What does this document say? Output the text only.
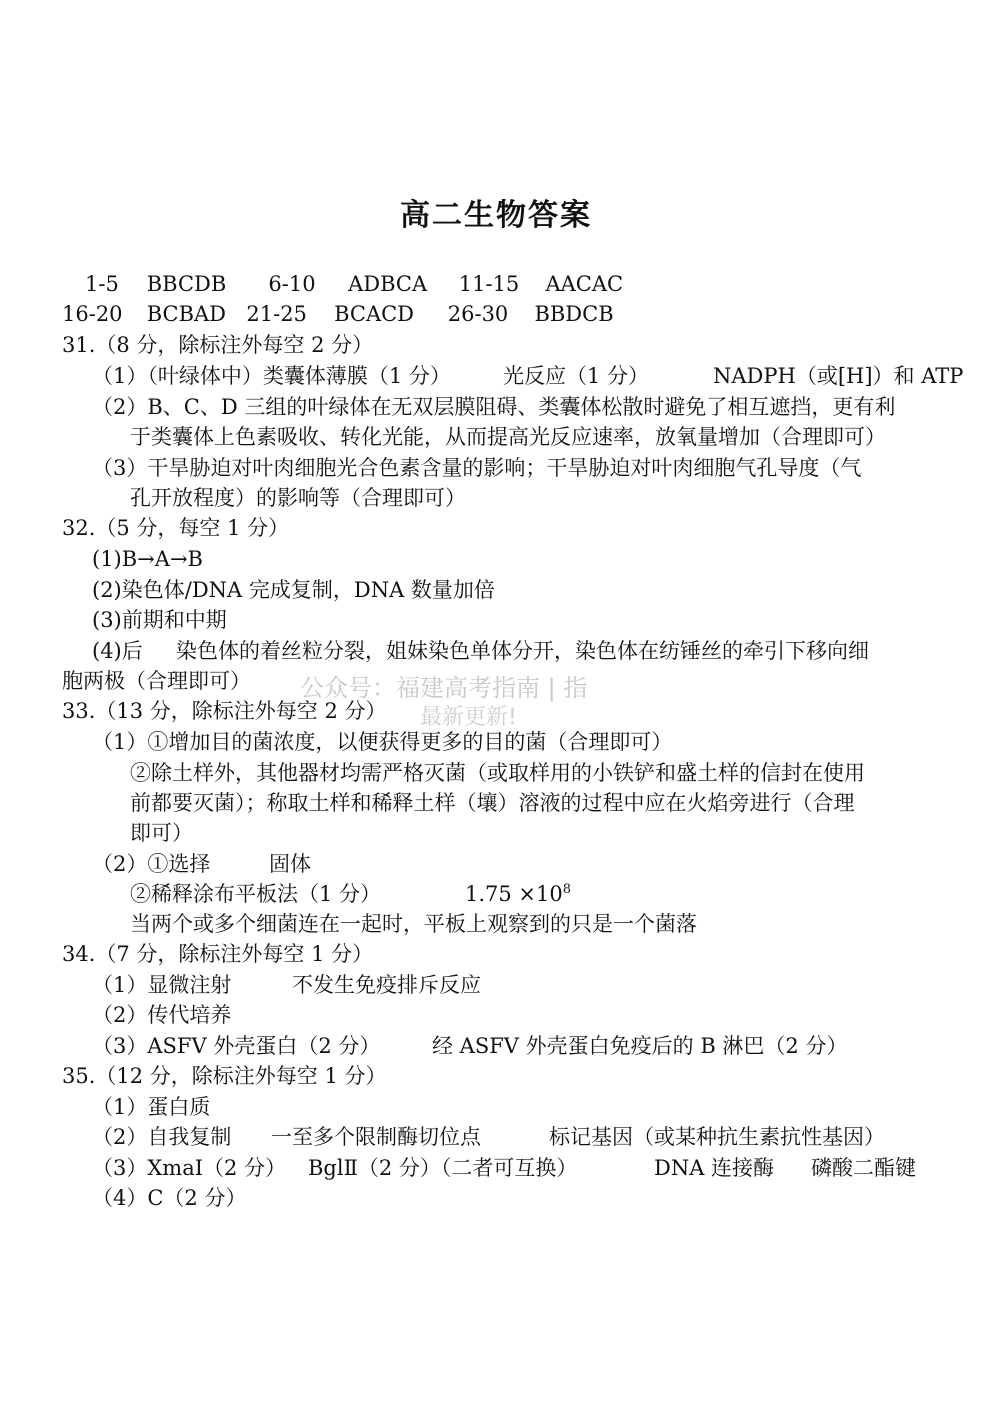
高二生物答案
1-5 BBCDB 6-10 ADBCA 11-15 AACAC
16-20 BCBAD 21-25 BCACD 26-30 BBDCB
31.（8 分，除标注外每空 2 分）
（1）（叶绿体中）类囊体薄膜（1 分） 光反应（1 分）	NADPH（或[H]）和 ATP
（2）B、C、D 三组的叶绿体在无双层膜阻碍、类囊体松散时避免了相互遮挡，更有利
于类囊体上色素吸收、转化光能，从而提高光反应速率，放氧量增加（合理即可）
（3）干旱胁迫对叶肉细胞光合色素含量的影响；干旱胁迫对叶肉细胞气孔导度（气
孔开放程度）的影响等（合理即可）
32.（5 分，每空 1 分）
(1)B→A→B
(2)染色体/DNA 完成复制，DNA 数量加倍
(3)前期和中期
(4)后 染色体的着丝粒分裂，姐妹染色单体分开，染色体在纺锤丝的牵引下移向细
胞两极（合理即可） 公众号：福建高考指南 | 指
最新更新!
33.（13 分，除标注外每空 2 分）
（1）①增加目的菌浓度，以便获得更多的目的菌（合理即可）
②除土样外，其他器材均需严格灭菌（或取样用的小铁铲和盛土样的信封在使用
前都要灭菌）；称取土样和稀释土样（壤）溶液的过程中应在火焰旁进行（合理
即可）
（2）①选择	固体
②稀释涂布平板法（1 分）	$1.75 \times 10^8$
当两个或多个细菌连在一起时，平板上观察到的只是一个菌落
34.（7 分，除标注外每空 1 分）
（1）显微注射	不发生免疫排斥反应
（2）传代培养
（3）ASFV 外壳蛋白（2 分） 经 ASFV 外壳蛋白免疫后的 B 淋巴（2 分）
35.（12 分，除标注外每空 1 分）
（1）蛋白质
（2）自我复制 一至多个限制酶切位点	标记基因（或某种抗生素抗性基因）
（3）XmaⅠ（2 分） BglⅡ（2 分）（二者可互换）	DNA 连接酶 磷酸二酯键
（4）C（2 分）
